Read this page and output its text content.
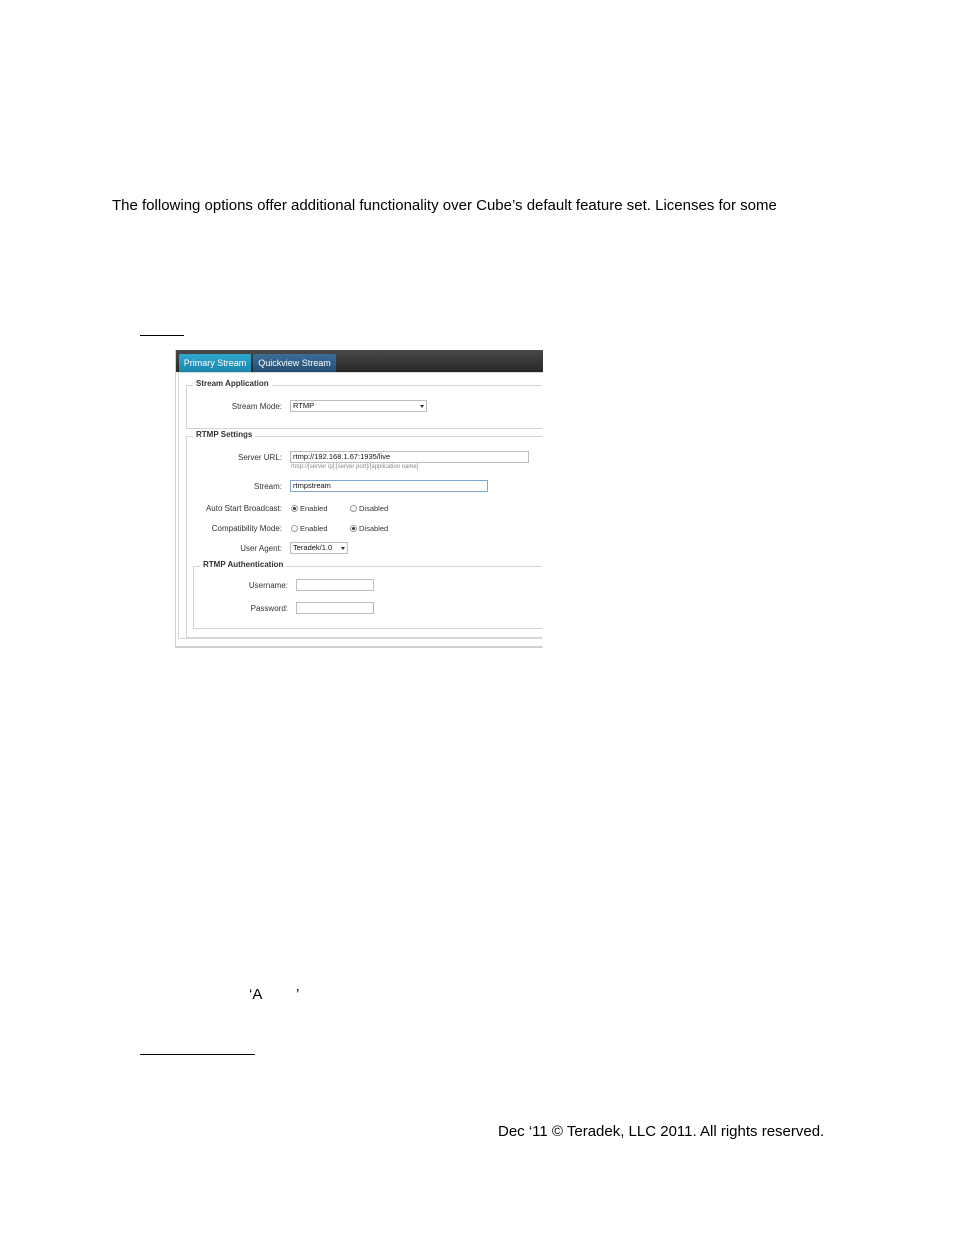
The following options offer additional functionality over Cube’s default feature set. Licenses for some
Primary Stream	Quickview Stream
Stream Application
Stream Mode:	RTMP
RTMP Settings
Server URL:	rtmp://192.168.1.67:1935/live
rtmp://[server ip]:[server port]/[application name]
Stream:	rtmpstream
Auto Start Broadcast: Enabled	Disabled
Compatibility Mode: Enabled	Disabled
User Agent:	Teradek/1.0
RTMP Authentication
Username:
Password:
‘A ’
Dec ‘11 © Teradek, LLC 2011. All rights reserved.
